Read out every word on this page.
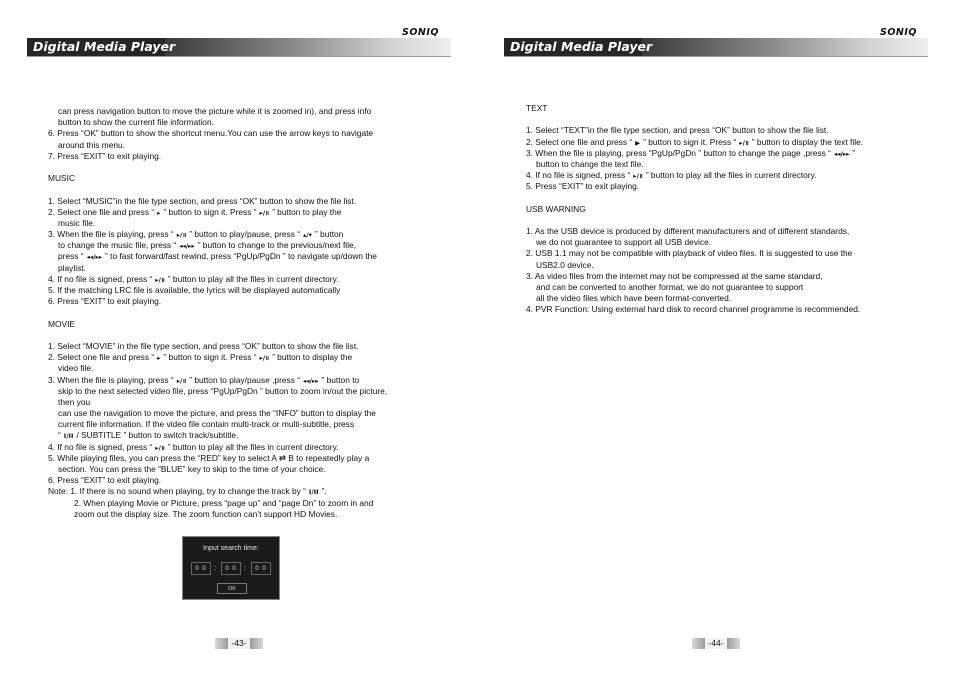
SONIQ
Digital Media Player
can press navigation button to move the picture while it is zoomed in), and press info
button to show the current file information.
6. Press “OK” button to show the shortcut menu.You can use the arrow keys to navigate
around this menu.
7. Press “EXIT” to exit playing.
MUSIC
1. Select “MUSIC”in the file type section, and press “OK” button to show the file list.
2. Select one file and press “ ▸ ” button to sign it. Press “ ▸/॥ ” button to play the
music file.
3. When the file is playing, press “ ▸/॥ ” button to play/pause, press “ ▴/▾ ” button
to change the music file, press “ ◂◂/▸▸ ” button to change to the previous/next file,
press “ ◂◂/▸▸ ” to fast forward/fast rewind, press “PgUp/PgDn ” to navigate up/down the
playlist.
4. If no file is signed, press “ ▸/॥ ” button to play all the files in current directory.
5. If the matching LRC file is available, the lyrics will be displayed automatically
6. Press “EXIT” to exit playing.
MOVIE
1. Select “MOVIE” in the file type section, and press “OK” button to show the file list.
2. Select one file and press “ ▸ ” button to sign it. Press “ ▸/॥ ” button to display the
video file.
3. When the file is playing, press “ ▸/॥ ” button to play/pause ,press “ ◂◂/▸▸ ” button to
skip to the next selected video file, press “PgUp/PgDn ” button to zoom in/out the picture,
then you
can use the navigation to move the picture, and press the “INFO” button to display the
current file information. If the video file contain multi-track or multi-subtitle, press
“ I/II / SUBTITLE ” button to switch track/subtitle.
4. If no file is signed, press “ ▸/॥ ” button to play all the files in current directory.
5. While playing files, you can press the “RED” key to select A ⇄ B to repeatedly play a
section. You can press the “BLUE” key to skip to the time of your choice.
6. Press “EXIT” to exit playing.
Note: 1. If there is no sound when playing, try to change the track by “ I/II ”.
2. When playing Movie or Picture, press “page up” and “page Dn” to zoom in and
zoom out the display size. The zoom function can’t support HD Movies.
Input search time:
0 0	:	0 0	:	0 0
OK
-43-
SONIQ
Digital Media Player
TEXT
1. Select “TEXT”in the file type section, and press “OK” button to show the file list.
2. Select one file and press “ ▶ ” button to sign it. Press “ ▸/॥ ” button to display the text file.
3. When the file is playing, press “PgUp/PgDn ” button to change the page ,press “ ◂◂/▸▸ ”
button to change the text file.
4. If no file is signed, press “ ▸/॥ ” button to play all the files in current directory.
5. Press “EXIT” to exit playing.
USB WARNING
1. As the USB device is produced by different manufacturers and of different standards,
we do not guarantee to support all USB device.
2. USB 1.1 may not be compatible with playback of video files. It is suggested to use the
USB2.0 device.
3. As video files from the internet may not be compressed at the same standard,
and can be converted to another format, we do not guarantee to support
all the video files which have been format-converted.
4. PVR Function: Using external hard disk to record channel programme is recommended.
-44-
